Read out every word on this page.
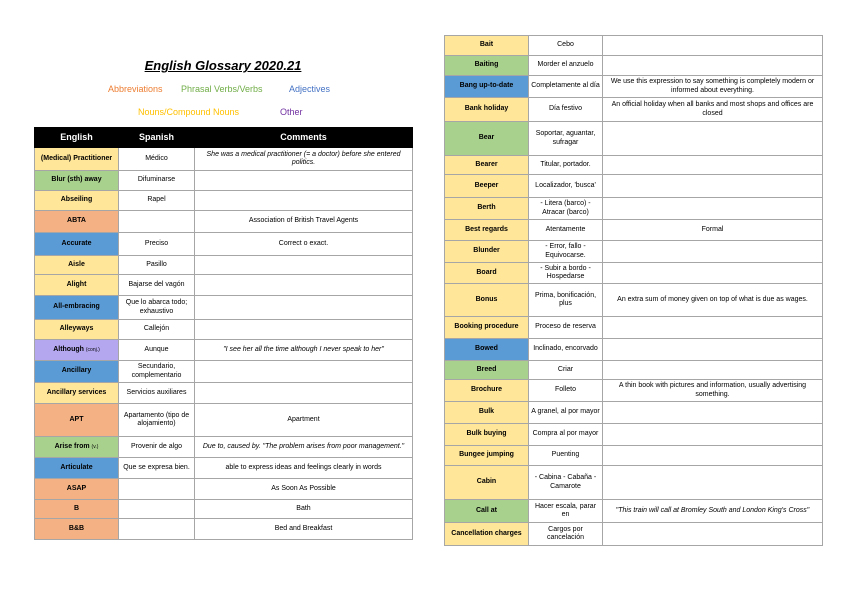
English Glossary 2020.21
Abbreviations Phrasal Verbs/Verbs	Adjectives
Nouns/Compound Nouns	Other
English	Spanish	Comments
(Medical) Practitioner	Médico	She was a medical practitioner (= a doctor) before she entered politics.
Blur (sth) away	Difuminarse	
Abseiling	Rapel	
ABTA		Association of British Travel Agents
Accurate	Preciso	Correct o exact.
Aisle	Pasillo	
Alight	Bajarse del vagón	
All-embracing	Que lo abarca todo; exhaustivo	
Alleyways	Callejón	
Although (conj.)	Aunque	"I see her all the time although I never speak to her"
Ancillary	Secundario, complementario	
Ancillary services	Servicios auxiliares	
APT	Apartamento (tipo de alojamiento)	Apartment
Arise from (v.)	Provenir de algo	Due to, caused by. "The problem arises from poor management."
Articulate	Que se expresa bien.	able to express ideas and feelings clearly in words
ASAP		As Soon As Possible
B		Bath
B&B		Bed and Breakfast
Bait	Cebo	
Baiting	Morder el anzuelo	
Bang up-to-date	Completamente al día	We use this expression to say something is completely modern or informed about everything.
Bank holiday	Día festivo	An official holiday when all banks and most shops and offices are closed
Bear	Soportar, aguantar, sufragar	
Bearer	Titular, portador.	
Beeper	Localizador, 'busca'	
Berth	- Litera (barco) - Atracar (barco)	
Best regards	Atentamente	Formal
Blunder	- Error, fallo - Equivocarse.	
Board	- Subir a bordo - Hospedarse	
Bonus	Prima, bonificación, plus	An extra sum of money given on top of what is due as wages.
Booking procedure	Proceso de reserva	
Bowed	Inclinado, encorvado	
Breed	Criar	
Brochure	Folleto	A thin book with pictures and information, usually advertising something.
Bulk	A granel, al por mayor	
Bulk buying	Compra al por mayor	
Bungee jumping	Puenting	
Cabin	- Cabina - Cabaña - Camarote	
Call at	Hacer escala, parar en	"This train will call at Bromley South and London King's Cross"
Cancellation charges	Cargos por cancelación	
